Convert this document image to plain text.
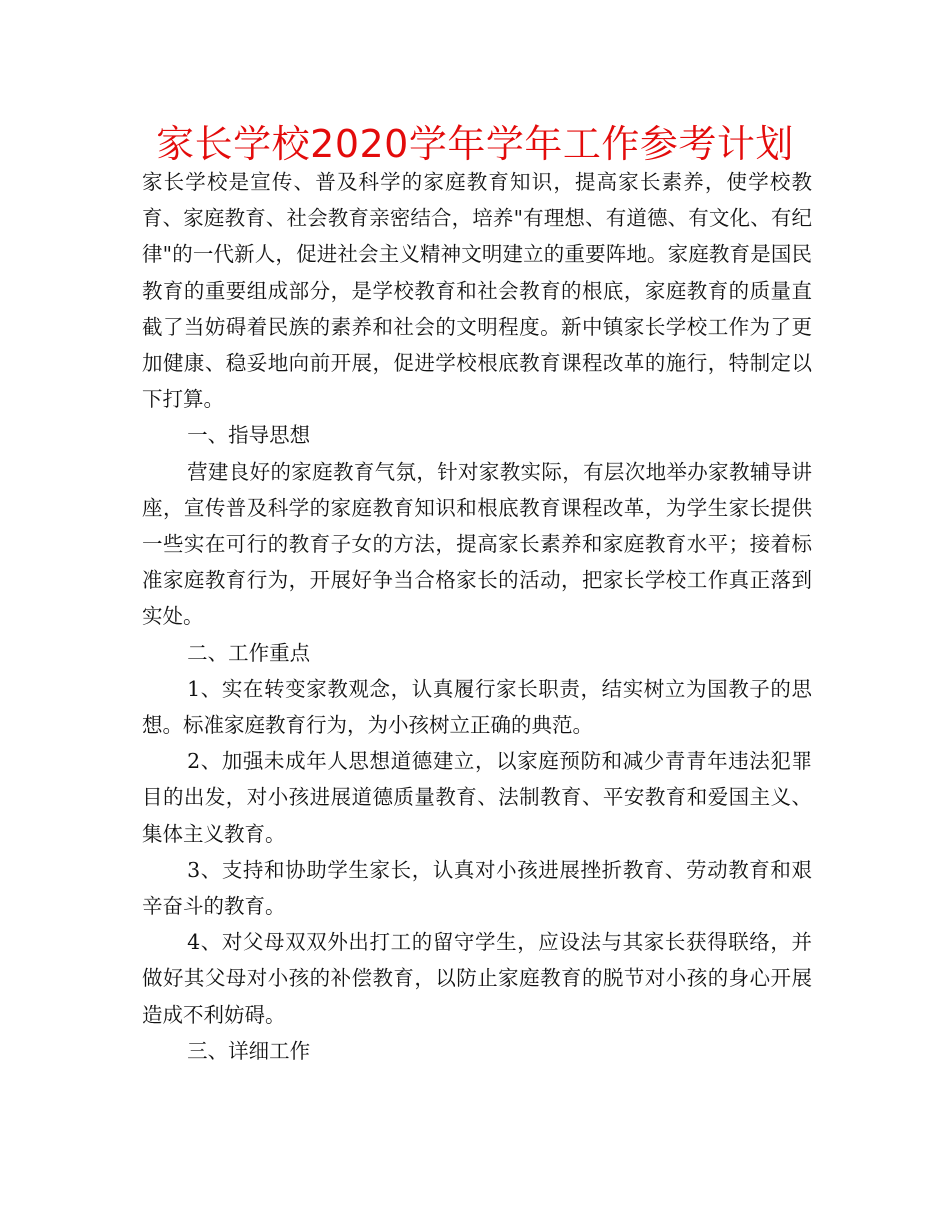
家长学校2020学年学年工作参考计划

家长学校是宣传、普及科学的家庭教育知识，提高家长素养，使学校教育、家庭教育、社会教育亲密结合，培养"有理想、有道德、有文化、有纪律"的一代新人，促进社会主义精神文明建立的重要阵地。家庭教育是国民教育的重要组成部分，是学校教育和社会教育的根底，家庭教育的质量直截了当妨碍着民族的素养和社会的文明程度。新中镇家长学校工作为了更加健康、稳妥地向前开展，促进学校根底教育课程改革的施行，特制定以下打算。

一、指导思想

营建良好的家庭教育气氛，针对家教实际，有层次地举办家教辅导讲座，宣传普及科学的家庭教育知识和根底教育课程改革，为学生家长提供一些实在可行的教育子女的方法，提高家长素养和家庭教育水平；接着标准家庭教育行为，开展好争当合格家长的活动，把家长学校工作真正落到实处。

二、工作重点

1、实在转变家教观念，认真履行家长职责，结实树立为国教子的思想。标准家庭教育行为，为小孩树立正确的典范。

2、加强未成年人思想道德建立，以家庭预防和减少青青年违法犯罪目的出发，对小孩进展道德质量教育、法制教育、平安教育和爱国主义、集体主义教育。

3、支持和协助学生家长，认真对小孩进展挫折教育、劳动教育和艰辛奋斗的教育。

4、对父母双双外出打工的留守学生，应设法与其家长获得联络，并做好其父母对小孩的补偿教育，以防止家庭教育的脱节对小孩的身心开展造成不利妨碍。

三、详细工作
